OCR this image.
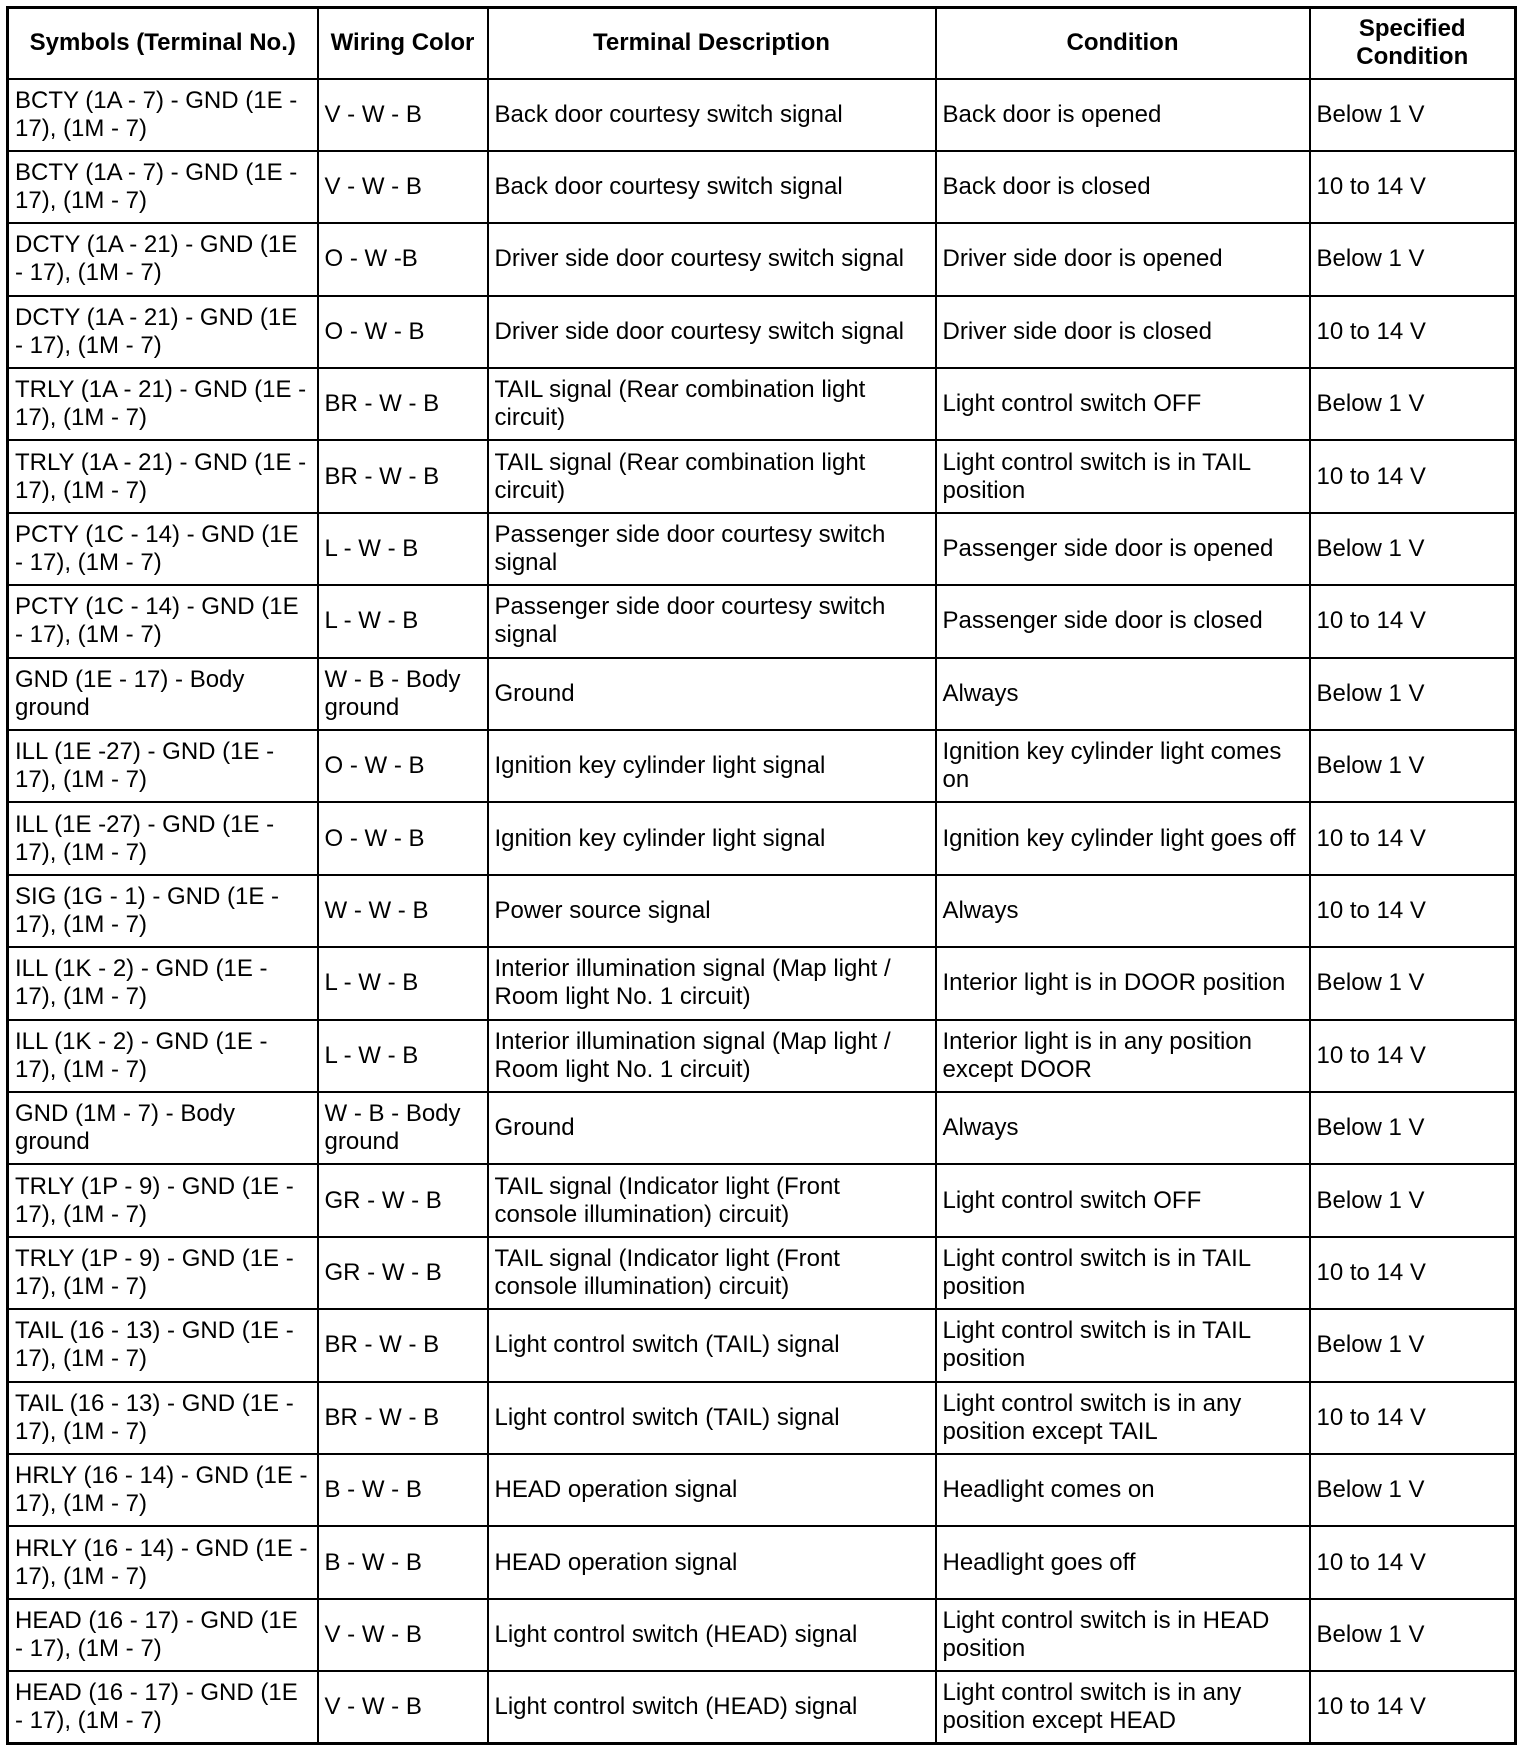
Symbols (Terminal No.)	Wiring Color	Terminal Description	Condition	Specified Condition
BCTY (1A - 7) - GND (1E - 17), (1M - 7)	V - W - B	Back door courtesy switch signal	Back door is opened	Below 1 V
BCTY (1A - 7) - GND (1E - 17), (1M - 7)	V - W - B	Back door courtesy switch signal	Back door is closed	10 to 14 V
DCTY (1A - 21) - GND (1E - 17), (1M - 7)	O - W -B	Driver side door courtesy switch signal	Driver side door is opened	Below 1 V
DCTY (1A - 21) - GND (1E - 17), (1M - 7)	O - W - B	Driver side door courtesy switch signal	Driver side door is closed	10 to 14 V
TRLY (1A - 21) - GND (1E - 17), (1M - 7)	BR - W - B	TAIL signal (Rear combination light circuit)	Light control switch OFF	Below 1 V
TRLY (1A - 21) - GND (1E - 17), (1M - 7)	BR - W - B	TAIL signal (Rear combination light circuit)	Light control switch is in TAIL position	10 to 14 V
PCTY (1C - 14) - GND (1E - 17), (1M - 7)	L - W - B	Passenger side door courtesy switch signal	Passenger side door is opened	Below 1 V
PCTY (1C - 14) - GND (1E - 17), (1M - 7)	L - W - B	Passenger side door courtesy switch signal	Passenger side door is closed	10 to 14 V
GND (1E - 17) - Body ground	W - B - Body ground	Ground	Always	Below 1 V
ILL (1E -27) - GND (1E - 17), (1M - 7)	O - W - B	Ignition key cylinder light signal	Ignition key cylinder light comes on	Below 1 V
ILL (1E -27) - GND (1E - 17), (1M - 7)	O - W - B	Ignition key cylinder light signal	Ignition key cylinder light goes off	10 to 14 V
SIG (1G - 1) - GND (1E - 17), (1M - 7)	W - W - B	Power source signal	Always	10 to 14 V
ILL (1K - 2) - GND (1E - 17), (1M - 7)	L - W - B	Interior illumination signal (Map light / Room light No. 1 circuit)	Interior light is in DOOR position	Below 1 V
ILL (1K - 2) - GND (1E - 17), (1M - 7)	L - W - B	Interior illumination signal (Map light / Room light No. 1 circuit)	Interior light is in any position except DOOR	10 to 14 V
GND (1M - 7) - Body ground	W - B - Body ground	Ground	Always	Below 1 V
TRLY (1P - 9) - GND (1E - 17), (1M - 7)	GR - W - B	TAIL signal (Indicator light (Front console illumination) circuit)	Light control switch OFF	Below 1 V
TRLY (1P - 9) - GND (1E - 17), (1M - 7)	GR - W - B	TAIL signal (Indicator light (Front console illumination) circuit)	Light control switch is in TAIL position	10 to 14 V
TAIL (16 - 13) - GND (1E - 17), (1M - 7)	BR - W - B	Light control switch (TAIL) signal	Light control switch is in TAIL position	Below 1 V
TAIL (16 - 13) - GND (1E - 17), (1M - 7)	BR - W - B	Light control switch (TAIL) signal	Light control switch is in any position except TAIL	10 to 14 V
HRLY (16 - 14) - GND (1E - 17), (1M - 7)	B - W - B	HEAD operation signal	Headlight comes on	Below 1 V
HRLY (16 - 14) - GND (1E - 17), (1M - 7)	B - W - B	HEAD operation signal	Headlight goes off	10 to 14 V
HEAD (16 - 17) - GND (1E - 17), (1M - 7)	V - W - B	Light control switch (HEAD) signal	Light control switch is in HEAD position	Below 1 V
HEAD (16 - 17) - GND (1E - 17), (1M - 7)	V - W - B	Light control switch (HEAD) signal	Light control switch is in any position except HEAD	10 to 14 V
